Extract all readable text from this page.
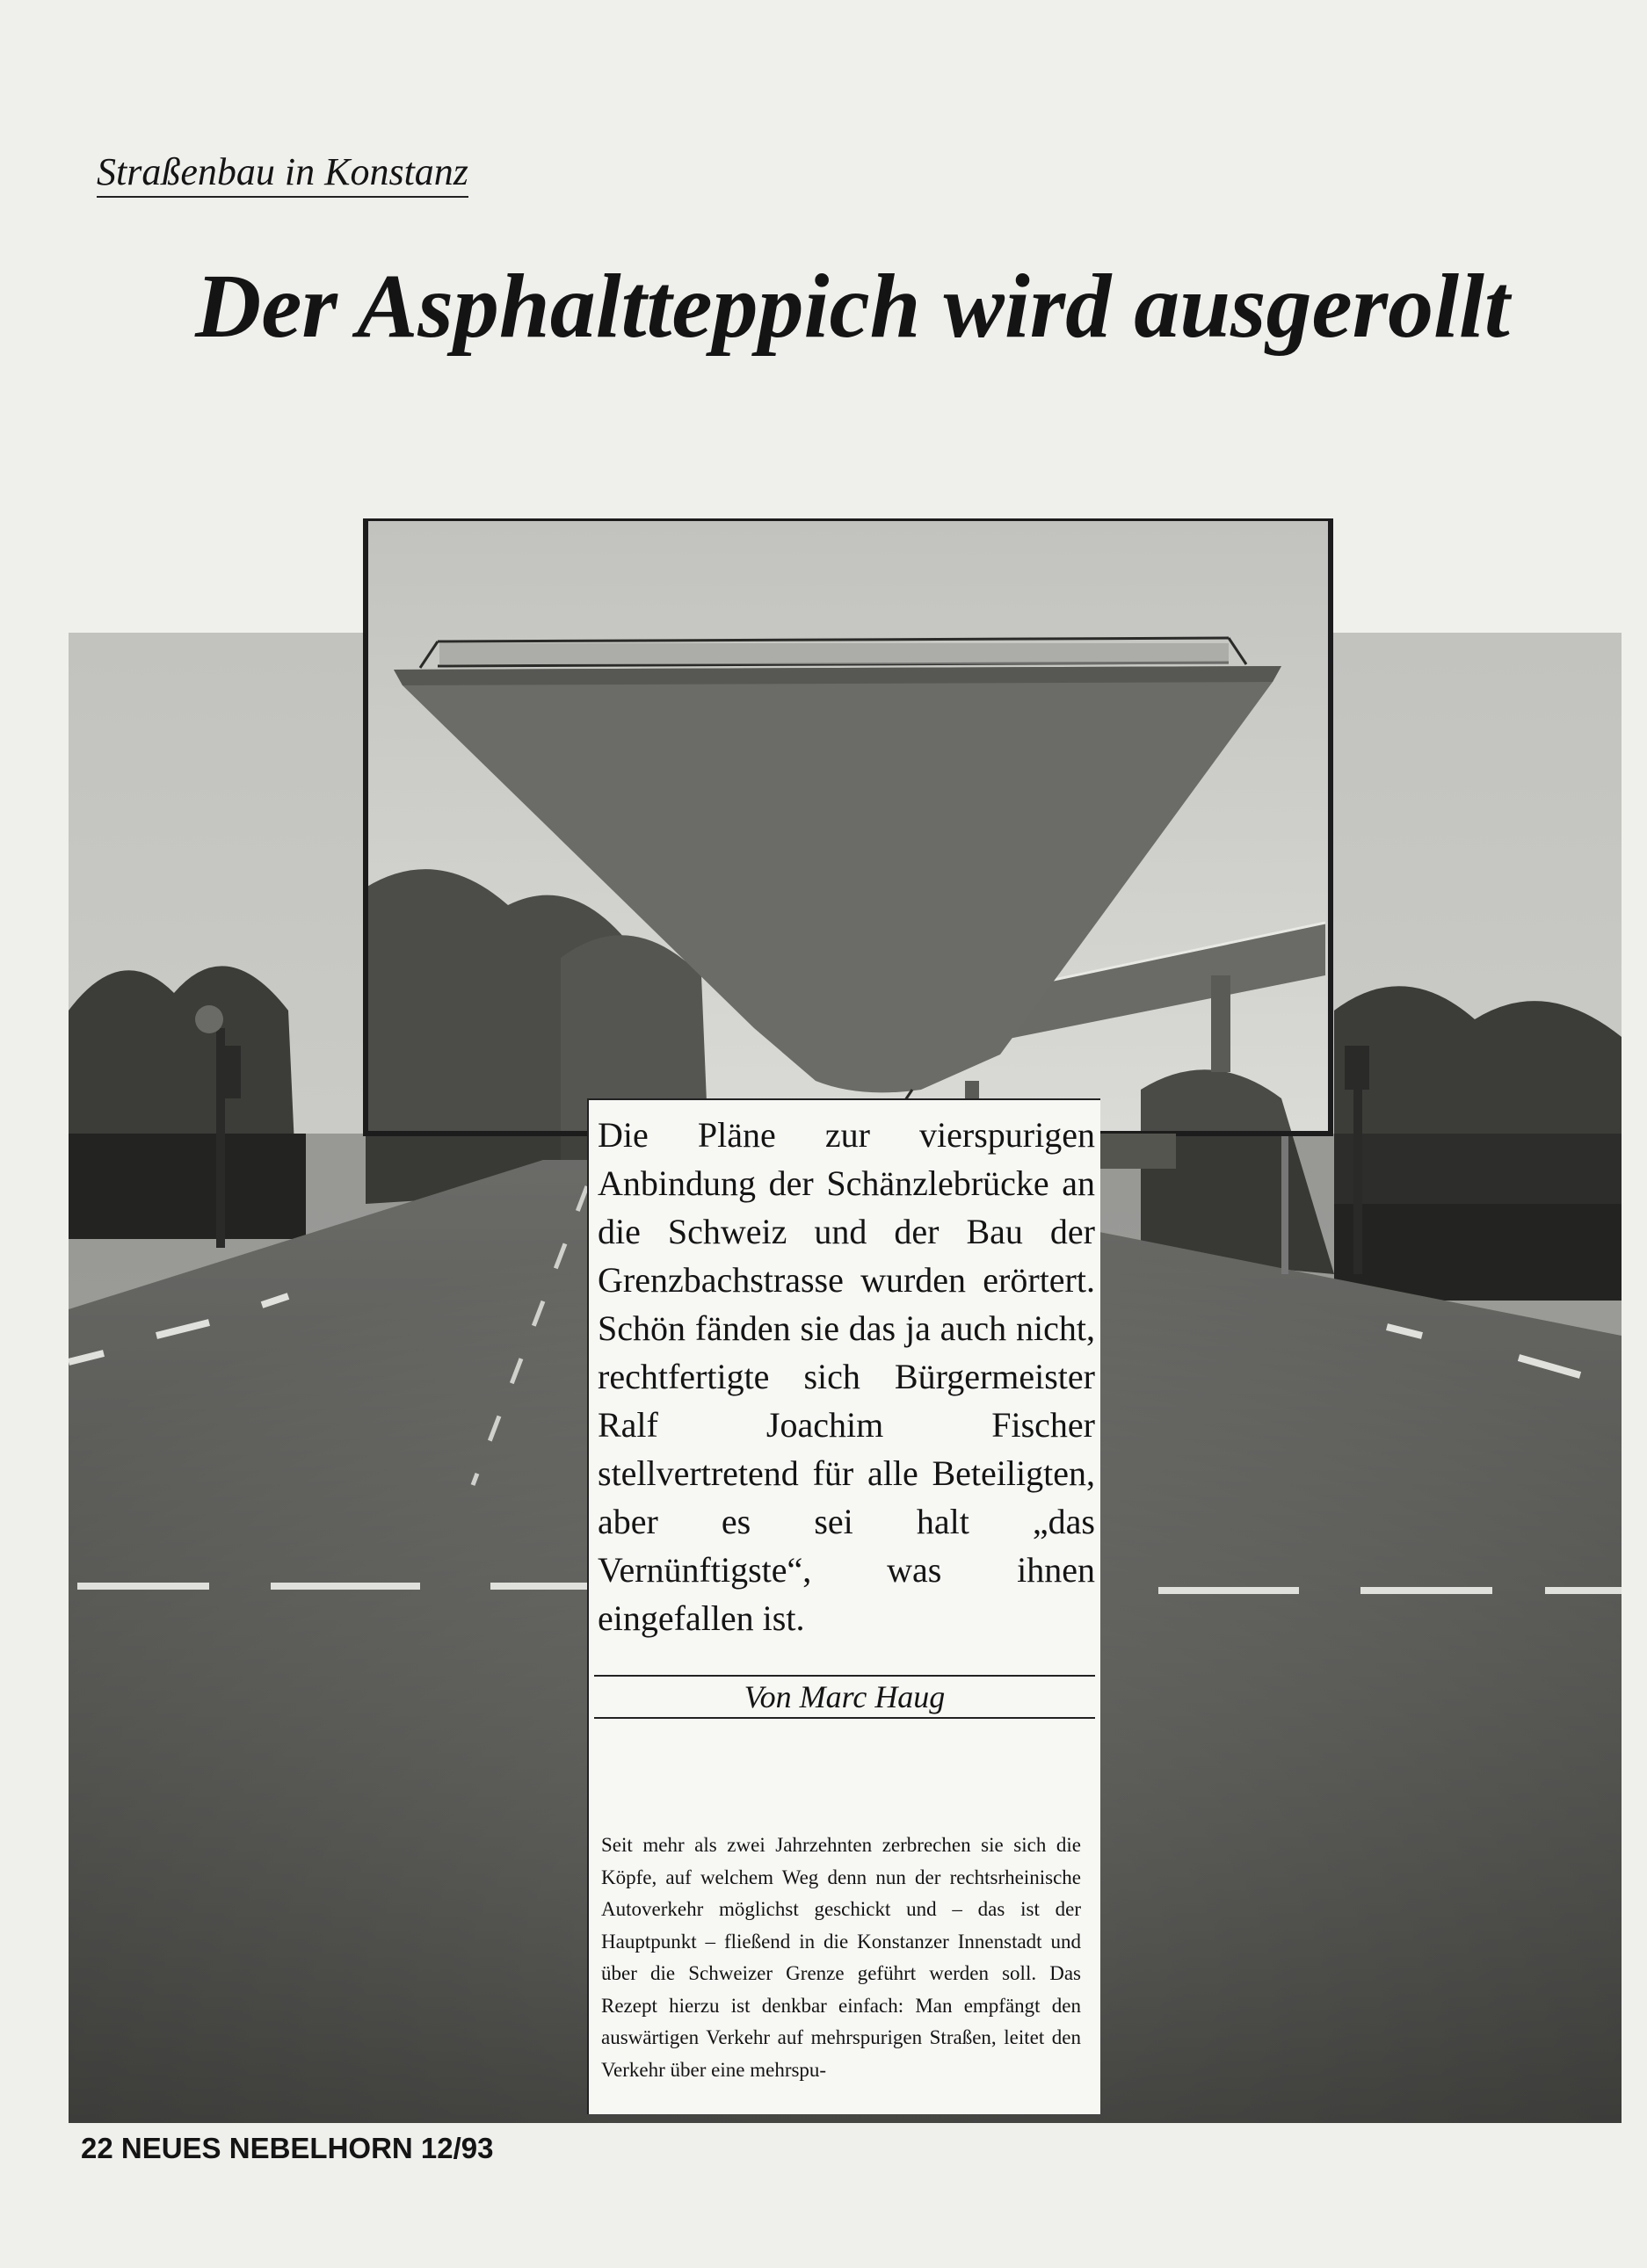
Straßenbau in Konstanz
Der Asphaltteppich wird ausgerollt

Die Pläne zur vierspurigen Anbindung der Schänzlebrücke an die Schweiz und der Bau der Grenzbachstrasse wurden erörtert. Schön fänden sie das ja auch nicht, rechtfertigte sich Bürgermeister Ralf Joachim Fischer stellvertretend für alle Beteiligten, aber es sei halt „das Vernünftigste“, was ihnen eingefallen ist.

Von Marc Haug

Seit mehr als zwei Jahrzehnten zerbrechen sie sich die Köpfe, auf welchem Weg denn nun der rechtsrheinische Autoverkehr möglichst geschickt und – das ist der Hauptpunkt – fließend in die Konstanzer Innenstadt und über die Schweizer Grenze geführt werden soll. Das Rezept hierzu ist denkbar einfach: Man empfängt den auswärtigen Verkehr auf mehrspurigen Straßen, leitet den Verkehr über eine mehrspu-

22 NEUES NEBELHORN 12/93
